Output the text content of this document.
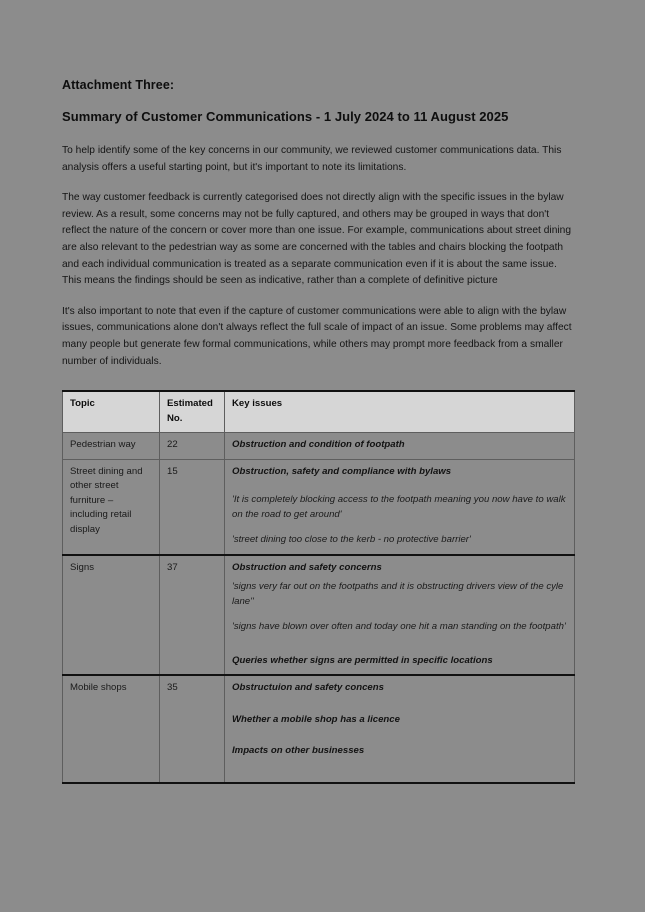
Attachment Three:
Summary of Customer Communications - 1 July 2024 to 11 August 2025

To help identify some of the key concerns in our community, we reviewed customer communications data. This analysis offers a useful starting point, but it's important to note its limitations.

The way customer feedback is currently categorised does not directly align with the specific issues in the bylaw review. As a result, some concerns may not be fully captured, and others may be grouped in ways that don't reflect the nature of the concern or cover more than one issue. For example, communications about street dining are also relevant to the pedestrian way as some are concerned with the tables and chairs blocking the footpath and each individual communication is treated as a separate communication even if it is about the same issue. This means the findings should be seen as indicative, rather than a complete of definitive picture

It's also important to note that even if the capture of customer communications were able to align with the bylaw issues, communications alone don't always reflect the full scale of impact of an issue. Some problems may affect many people but generate few formal communications, while others may prompt more feedback from a smaller number of individuals.

Topic	Estimated No.	Key issues
Pedestrian way	22	Obstruction and condition of footpath

Street dining and other street furniture – including retail display	15	Obstruction, safety and compliance with bylaws
'It is completely blocking access to the footpath meaning you now have to walk on the road to get around'
'street dining too close to the kerb - no protective barrier'

Signs	37	Obstruction and safety concerns
'signs very far out on the footpaths and it is obstructing drivers view of the cyle lane''
'signs have blown over often and today one hit a man standing on the footpath'
Queries whether signs are permitted in specific locations

Mobile shops	35	Obstructuion and safety concens
Whether a mobile shop has a licence
Impacts on other businesses
